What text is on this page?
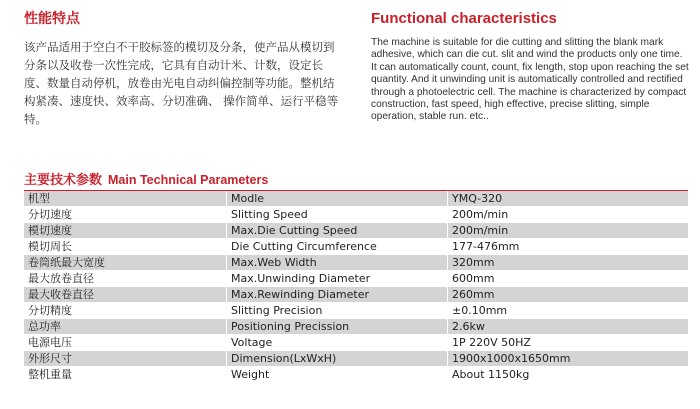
性能特点

该产品适用于空白不干胶标签的模切及分条，使产品从模切到分条以及收卷一次性完成，它具有自动计米、计数，设定长度、数量自动停机，放卷由光电自动纠偏控制等功能。整机结构紧凑、速度快、效率高、分切准确、 操作简单、运行平稳等特。

Functional characteristics

The machine is suitable for die cutting and slitting the blank mark adhesive, which can die cut. slit and wind the products only one time. It can automatically count, count, fix length, stop upon reaching the set quantity. And it unwinding unit is automatically controlled and rectified through a photoelectric cell. The machine is characterized by compact construction, fast speed, high effective, precise slitting, simple operation, stable run. etc..

主要技术参数 Main Technical Parameters
机型	Modle	YMQ-320
分切速度	Slitting Speed	200m/min
模切速度	Max.Die Cutting Speed	200m/min
模切周长	Die Cutting Circumference	177-476mm
卷筒纸最大宽度	Max.Web Width	320mm
最大放卷直径	Max.Unwinding Diameter	600mm
最大收卷直径	Max.Rewinding Diameter	260mm
分切精度	Slitting Precision	±0.10mm
总功率	Positioning Precission	2.6kw
电源电压	Voltage	1P 220V 50HZ
外形尺寸	Dimension(LxWxH)	1900x1000x1650mm
整机重量	Weight	About 1150kg
